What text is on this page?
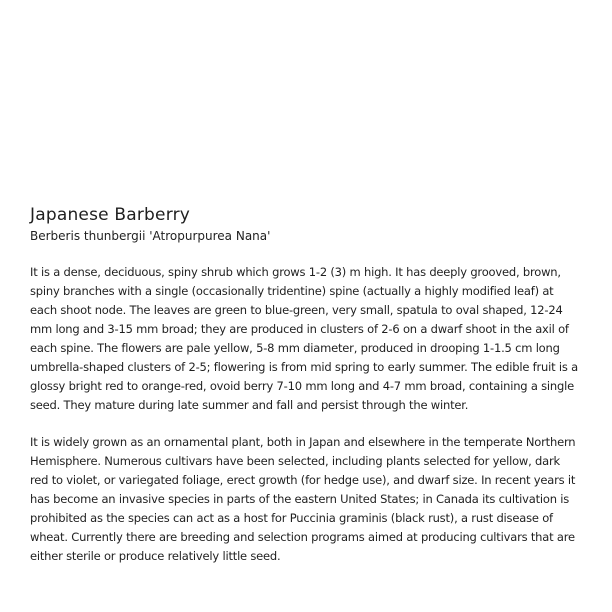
Japanese Barberry
Berberis thunbergii 'Atropurpurea Nana'

It is a dense, deciduous, spiny shrub which grows 1-2 (3) m high. It has deeply grooved, brown, spiny branches with a single (occasionally tridentine) spine (actually a highly modified leaf) at each shoot node. The leaves are green to blue-green, very small, spatula to oval shaped, 12-24 mm long and 3-15 mm broad; they are produced in clusters of 2-6 on a dwarf shoot in the axil of each spine. The flowers are pale yellow, 5-8 mm diameter, produced in drooping 1-1.5 cm long umbrella-shaped clusters of 2-5; flowering is from mid spring to early summer. The edible fruit is a glossy bright red to orange-red, ovoid berry 7-10 mm long and 4-7 mm broad, containing a single seed. They mature during late summer and fall and persist through the winter.

It is widely grown as an ornamental plant, both in Japan and elsewhere in the temperate Northern Hemisphere. Numerous cultivars have been selected, including plants selected for yellow, dark red to violet, or variegated foliage, erect growth (for hedge use), and dwarf size. In recent years it has become an invasive species in parts of the eastern United States; in Canada its cultivation is prohibited as the species can act as a host for Puccinia graminis (black rust), a rust disease of wheat. Currently there are breeding and selection programs aimed at producing cultivars that are either sterile or produce relatively little seed.
